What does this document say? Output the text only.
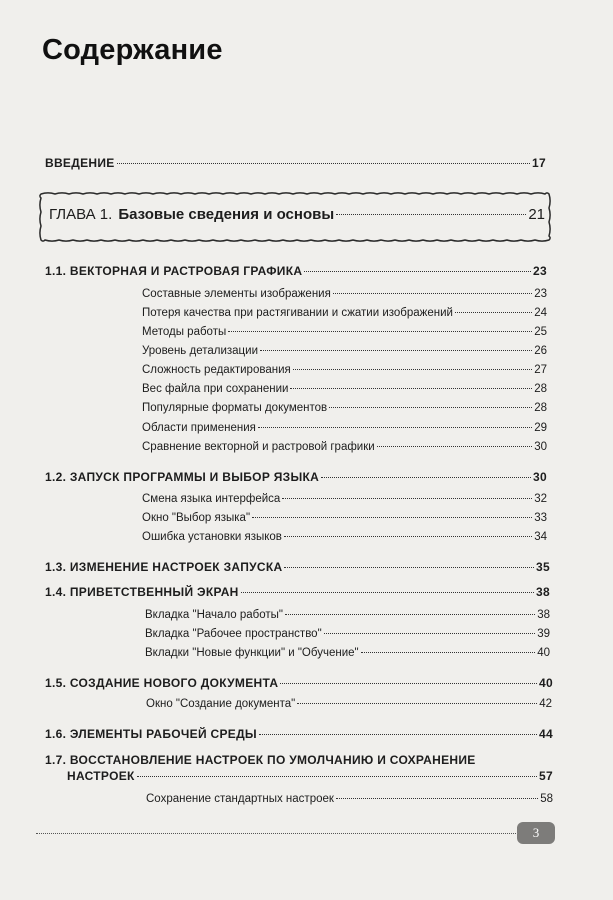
Содержание
ВВЕДЕНИЕ	17
ГЛАВА 1. Базовые сведения и основы	21
1.1. ВЕКТОРНАЯ И РАСТРОВАЯ ГРАФИКА	23
Составные элементы изображения	23
Потеря качества при растягивании и сжатии изображений	24
Методы работы	25
Уровень детализации	26
Сложность редактирования	27
Вес файла при сохранении	28
Популярные форматы документов	28
Области применения	29
Сравнение векторной и растровой графики	30
1.2. ЗАПУСК ПРОГРАММЫ И ВЫБОР ЯЗЫКА	30
Смена языка интерфейса	32
Окно "Выбор языка"	33
Ошибка установки языков	34
1.3. ИЗМЕНЕНИЕ НАСТРОЕК ЗАПУСКА	35
1.4. ПРИВЕТСТВЕННЫЙ ЭКРАН	38
Вкладка "Начало работы"	38
Вкладка "Рабочее пространство"	39
Вкладки "Новые функции" и "Обучение"	40
1.5. СОЗДАНИЕ НОВОГО ДОКУМЕНТА	40
Окно "Создание документа"	42
1.6. ЭЛЕМЕНТЫ РАБОЧЕЙ СРЕДЫ	44
1.7. ВОССТАНОВЛЕНИЕ НАСТРОЕК ПО УМОЛЧАНИЮ И СОХРАНЕНИЕ
НАСТРОЕК	57
Сохранение стандартных настроек	58
3
